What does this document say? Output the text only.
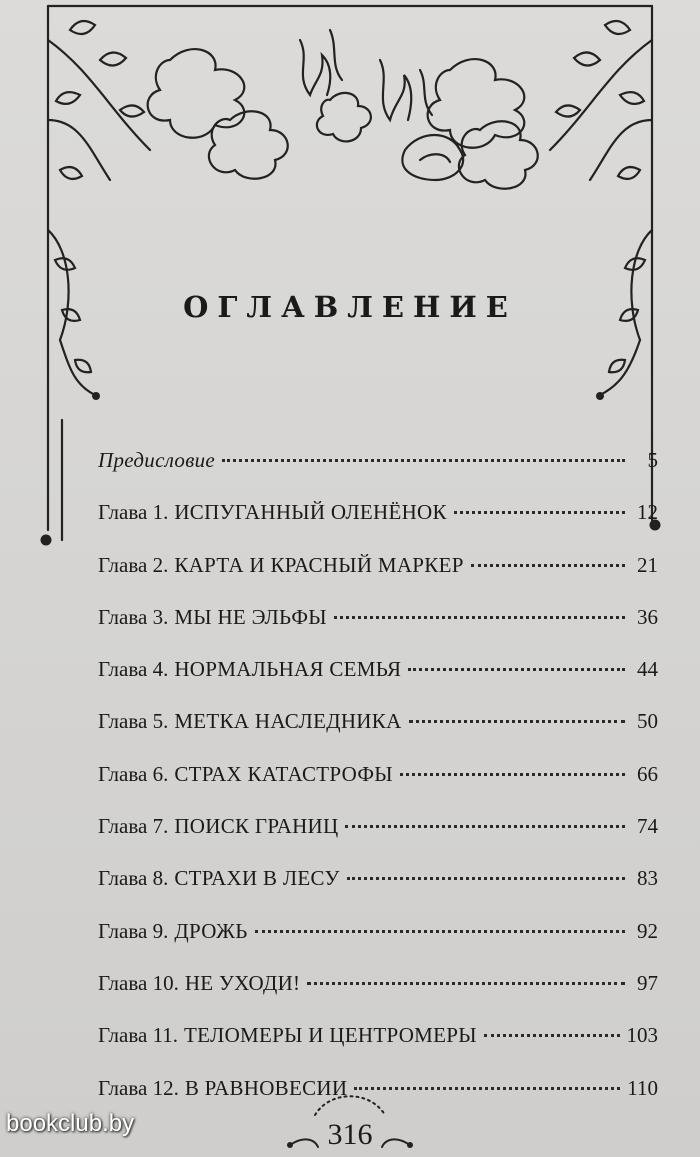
ОГЛАВЛЕНИЕ
Предисловие	5
Глава 1. ИСПУГАННЫЙ ОЛЕНЁНОК	12
Глава 2. КАРТА И КРАСНЫЙ МАРКЕР	21
Глава 3. МЫ НЕ ЭЛЬФЫ	36
Глава 4. НОРМАЛЬНАЯ СЕМЬЯ	44
Глава 5. МЕТКА НАСЛЕДНИКА	50
Глава 6. СТРАХ КАТАСТРОФЫ	66
Глава 7. ПОИСК ГРАНИЦ	74
Глава 8. СТРАХИ В ЛЕСУ	83
Глава 9. ДРОЖЬ	92
Глава 10. НЕ УХОДИ!	97
Глава 11. ТЕЛОМЕРЫ И ЦЕНТРОМЕРЫ	103
Глава 12. В РАВНОВЕСИИ	110
316
bookclub.by
